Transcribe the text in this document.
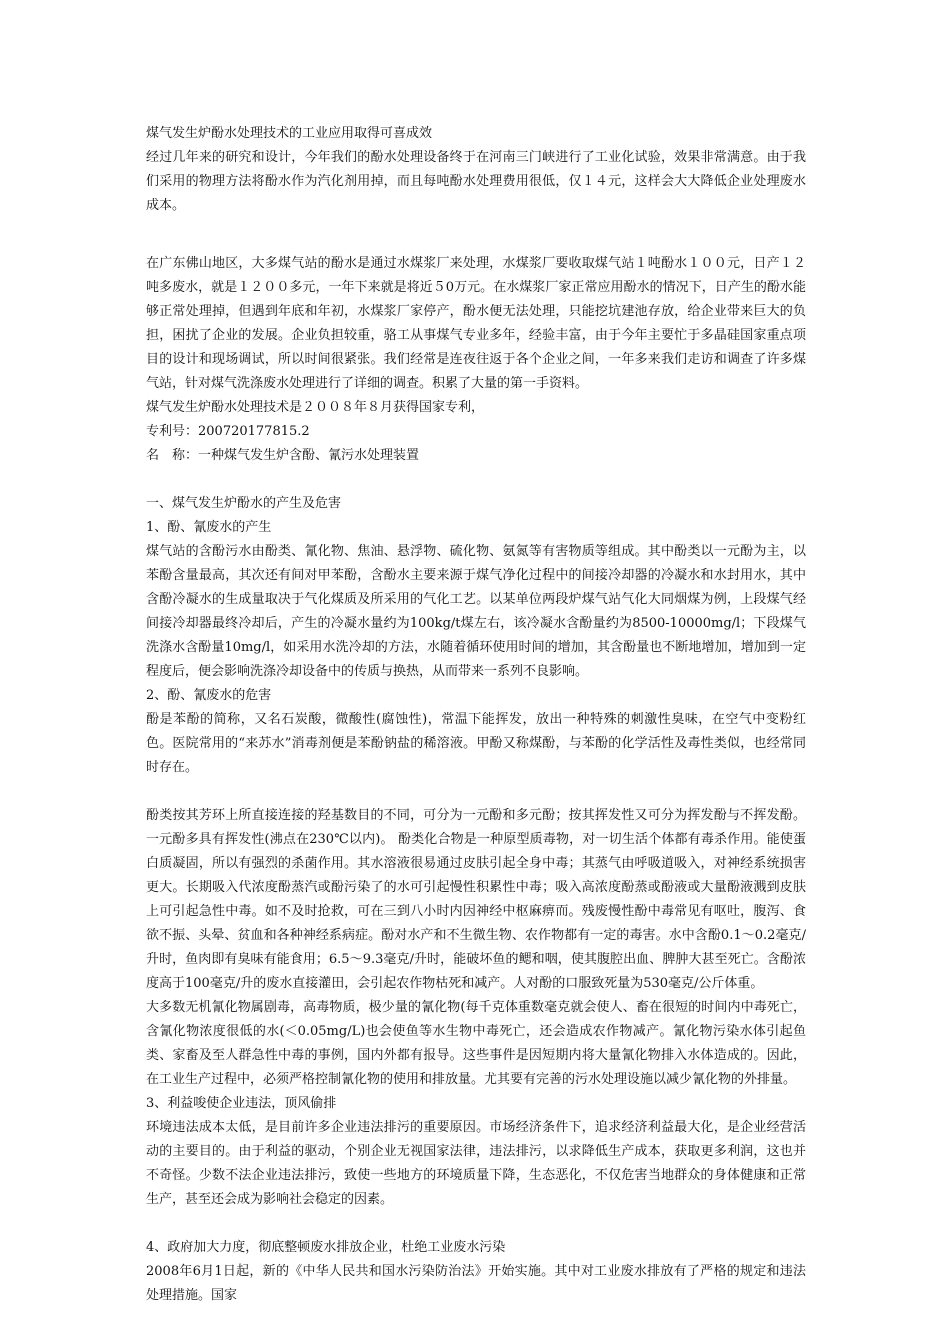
煤气发生炉酚水处理技术的工业应用取得可喜成效

经过几年来的研究和设计，今年我们的酚水处理设备终于在河南三门峡进行了工业化试验，效果非常满意。由于我们采用的物理方法将酚水作为汽化剂用掉，而且每吨酚水处理费用很低，仅１４元，这样会大大降低企业处理废水成本。

在广东佛山地区，大多煤气站的酚水是通过水煤浆厂来处理，水煤浆厂要收取煤气站１吨酚水１００元，日产１２吨多废水，就是１２００多元，一年下来就是将近５0万元。在水煤浆厂家正常应用酚水的情况下，日产生的酚水能够正常处理掉，但遇到年底和年初，水煤浆厂家停产，酚水便无法处理，只能挖坑建池存放，给企业带来巨大的负担，困扰了企业的发展。企业负担较重，骆工从事煤气专业多年，经验丰富，由于今年主要忙于多晶硅国家重点项目的设计和现场调试，所以时间很紧张。我们经常是连夜往返于各个企业之间，一年多来我们走访和调查了许多煤气站，针对煤气洗涤废水处理进行了详细的调查。积累了大量的第一手资料。

煤气发生炉酚水处理技术是２００８年８月获得国家专利，

专利号：200720177815.2

名　称：一种煤气发生炉含酚、氰污水处理装置

一、煤气发生炉酚水的产生及危害

1、酚、氰废水的产生

煤气站的含酚污水由酚类、氰化物、焦油、悬浮物、硫化物、氨氮等有害物质等组成。其中酚类以一元酚为主，以苯酚含量最高，其次还有间对甲苯酚，含酚水主要来源于煤气净化过程中的间接冷却器的冷凝水和水封用水，其中含酚冷凝水的生成量取决于气化煤质及所采用的气化工艺。以某单位两段炉煤气站气化大同烟煤为例，上段煤气经间接冷却器最终冷却后，产生的冷凝水量约为100kg/t煤左右，该冷凝水含酚量约为8500-10000mg/l；下段煤气洗涤水含酚量10mg/l，如采用水洗冷却的方法，水随着循环使用时间的增加，其含酚量也不断地增加，增加到一定程度后，便会影响洗涤冷却设备中的传质与换热，从而带来一系列不良影响。

2、酚、氰废水的危害

酚是苯酚的简称，又名石炭酸，微酸性(腐蚀性)，常温下能挥发，放出一种特殊的刺激性臭味，在空气中变粉红色。医院常用的“来苏水”消毒剂便是苯酚钠盐的稀溶液。甲酚又称煤酚，与苯酚的化学活性及毒性类似，也经常同时存在。

酚类按其芳环上所直接连接的羟基数目的不同，可分为一元酚和多元酚；按其挥发性又可分为挥发酚与不挥发酚。一元酚多具有挥发性(沸点在230℃以内)。 酚类化合物是一种原型质毒物，对一切生活个体都有毒杀作用。能使蛋白质凝固，所以有强烈的杀菌作用。其水溶液很易通过皮肤引起全身中毒；其蒸气由呼吸道吸入，对神经系统损害更大。长期吸入代浓度酚蒸汽或酚污染了的水可引起慢性积累性中毒；吸入高浓度酚蒸或酚液或大量酚液溅到皮肤上可引起急性中毒。如不及时抢救，可在三到八小时内因神经中枢麻痹而。残废慢性酚中毒常见有呕吐，腹泻、食欲不振、头晕、贫血和各种神经系病症。酚对水产和不生微生物、农作物都有一定的毒害。水中含酚0.1～0.2毫克/升时，鱼肉即有臭味有能食用；6.5～9.3毫克/升时，能破坏鱼的鳃和咽，使其腹腔出血、脾肿大甚至死亡。含酚浓度高于100毫克/升的废水直接灌田，会引起农作物枯死和减产。人对酚的口服致死量为530毫克/公斤体重。

大多数无机氰化物属剧毒，高毒物质，极少量的氰化物(每千克体重数毫克就会使人、畜在很短的时间内中毒死亡，含氰化物浓度很低的水(＜0.05mg/L)也会使鱼等水生物中毒死亡，还会造成农作物减产。氰化物污染水体引起鱼类、家畜及至人群急性中毒的事例，国内外都有报导。这些事件是因短期内将大量氰化物排入水体造成的。因此，在工业生产过程中，必须严格控制氰化物的使用和排放量。尤其要有完善的污水处理设施以减少氰化物的外排量。

3、利益唆使企业违法，顶风偷排

环境违法成本太低，是目前许多企业违法排污的重要原因。市场经济条件下，追求经济利益最大化，是企业经营活动的主要目的。由于利益的驱动，个别企业无视国家法律，违法排污，以求降低生产成本，获取更多利润，这也并不奇怪。少数不法企业违法排污，致使一些地方的环境质量下降，生态恶化，不仅危害当地群众的身体健康和正常生产，甚至还会成为影响社会稳定的因素。

4、政府加大力度，彻底整顿废水排放企业，杜绝工业废水污染

2008年6月1日起，新的《中华人民共和国水污染防治法》开始实施。其中对工业废水排放有了严格的规定和违法处理措施。国家
